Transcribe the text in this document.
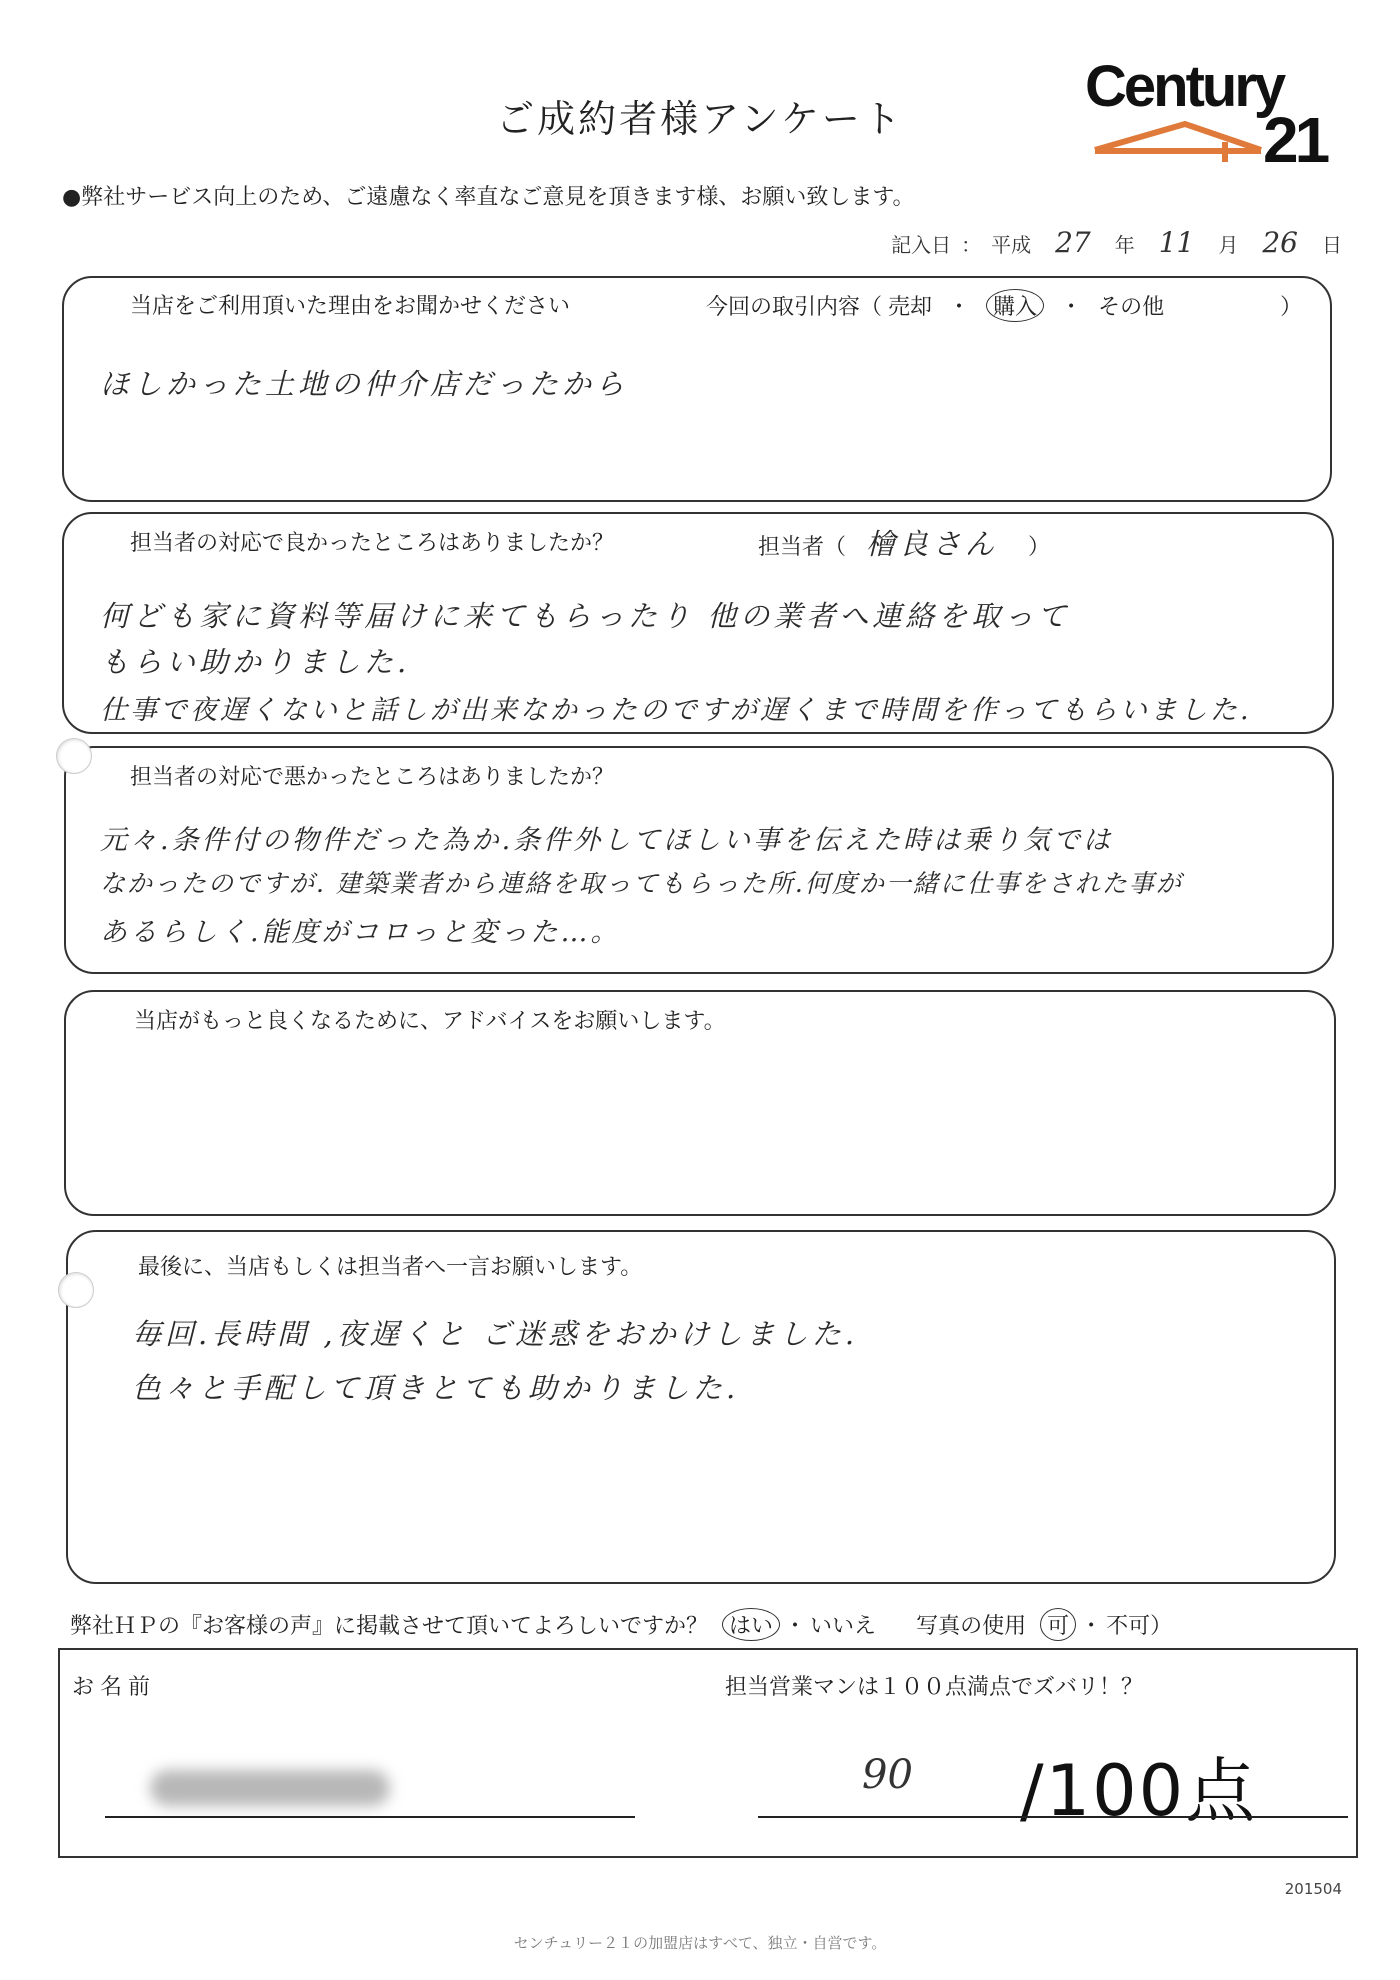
ご成約者様アンケート	Century
21
●弊社サービス向上のため、ご遠慮なく率直なご意見を頂きます様、お願い致します。
記入日 ： 平成 27 年 11 月 26 日
当店をご利用頂いた理由をお聞かせください	今回の取引内容（ 売却 ・	購入	・ その他	）
ほしかった土地の仲介店だったから
担当者の対応で良かったところはありましたか？	担当者（ 檜良さん ）
何ども家に資料等届けに来てもらったり 他の業者へ連絡を取って
もらい助かりました.
仕事で夜遅くないと話しが出来なかったのですが遅くまで時間を作ってもらいました.
担当者の対応で悪かったところはありましたか？
元々.条件付の物件だった為か.条件外してほしい事を伝えた時は乗り気では
なかったのですが. 建築業者から連絡を取ってもらった所.何度か一緒に仕事をされた事が
あるらしく.能度がコロっと変った…。
当店がもっと良くなるために、アドバイスをお願いします。
最後に、当店もしくは担当者へ一言お願いします。
毎回.長時間 ,夜遅くと ご迷惑をおかけしました.
色々と手配して頂きとても助かりました.
弊社ＨＰの『お客様の声』に掲載させて頂いてよろしいですか？ はい ・ いいえ 写真の使用 可 ・ 不可）
お名前	担当営業マンは１００点満点でズバリ！？
90 /100点
201504
センチュリー２１の加盟店はすべて、独立・自営です。
